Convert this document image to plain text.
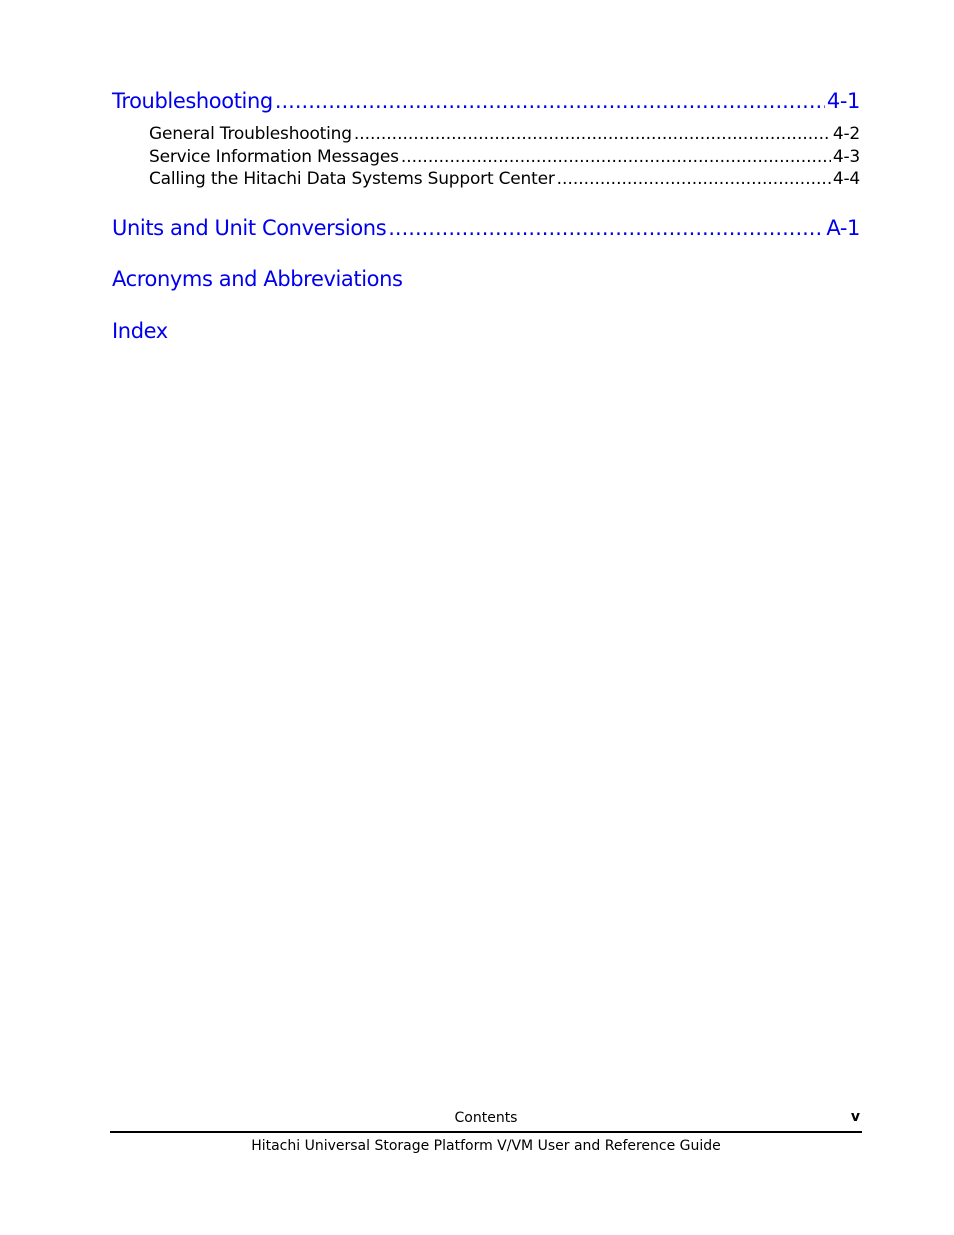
Troubleshooting .....	4-1
General Troubleshooting .....	4-2
Service Information Messages .....	4-3
Calling the Hitachi Data Systems Support Center .....	4-4
Units and Unit Conversions .....	A-1
Acronyms and Abbreviations
Index
Contents	v
Hitachi Universal Storage Platform V/VM User and Reference Guide
